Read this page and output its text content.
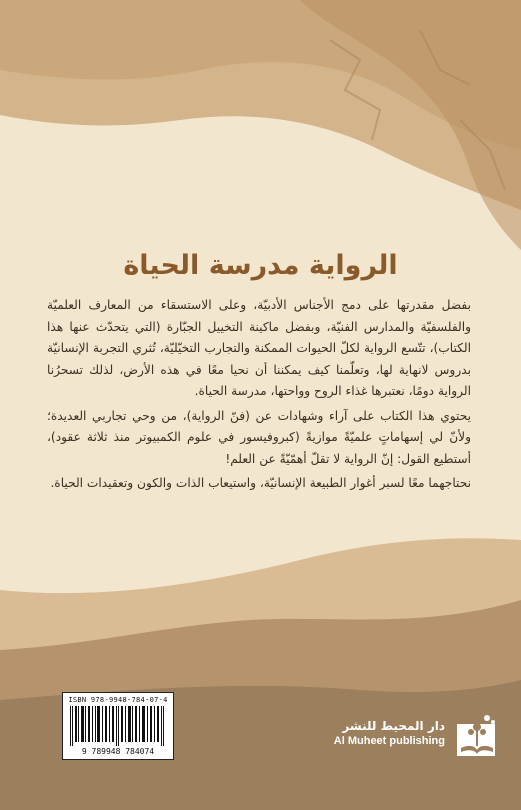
الرواية مدرسة الحياة

بفضل مقدرتها على دمج الأجناس الأدبيّة، وعلى الاستسقاء من المعارف العلميّة والفلسفيّة والمدارس الفنيّة، وبفضل ماكينة التخييل الجبّارة (التي يتحدّث عنها هذا الكتاب)، تتّسع الرواية لكلّ الحيوات الممكنة والتجارب التخيّليّة، تُثري التجربة الإنسانيّة بدروس لانهاية لها، وتعلّمنا كيف يمكننا أن نحيا معًا في هذه الأرض، لذلك تسحرُنا الرواية دومًا، نعتبرها غذاء الروح وواحتها، مدرسة الحياة.

يحتوي هذا الكتاب على آراء وشهادات عن (فنّ الرواية)، من وحي تجاربي العديدة؛ ولأنّ لي إسهاماتٍ علميّةً موازيةً (كبروفيسور في علوم الكمبيوتر منذ ثلاثة عقود)، أستطيع القول: إنّ الرواية لا تقلّ أهمّيّةً عن العلم!

نحتاجهما معًا لسبر أغوار الطبيعة الإنسانيّة، واستيعاب الذات والكون وتعقيدات الحياة.

ISBN 978-9948-784-07-4
9 789948 784074
دار المحيط للنشر
Al Muheet publishing
